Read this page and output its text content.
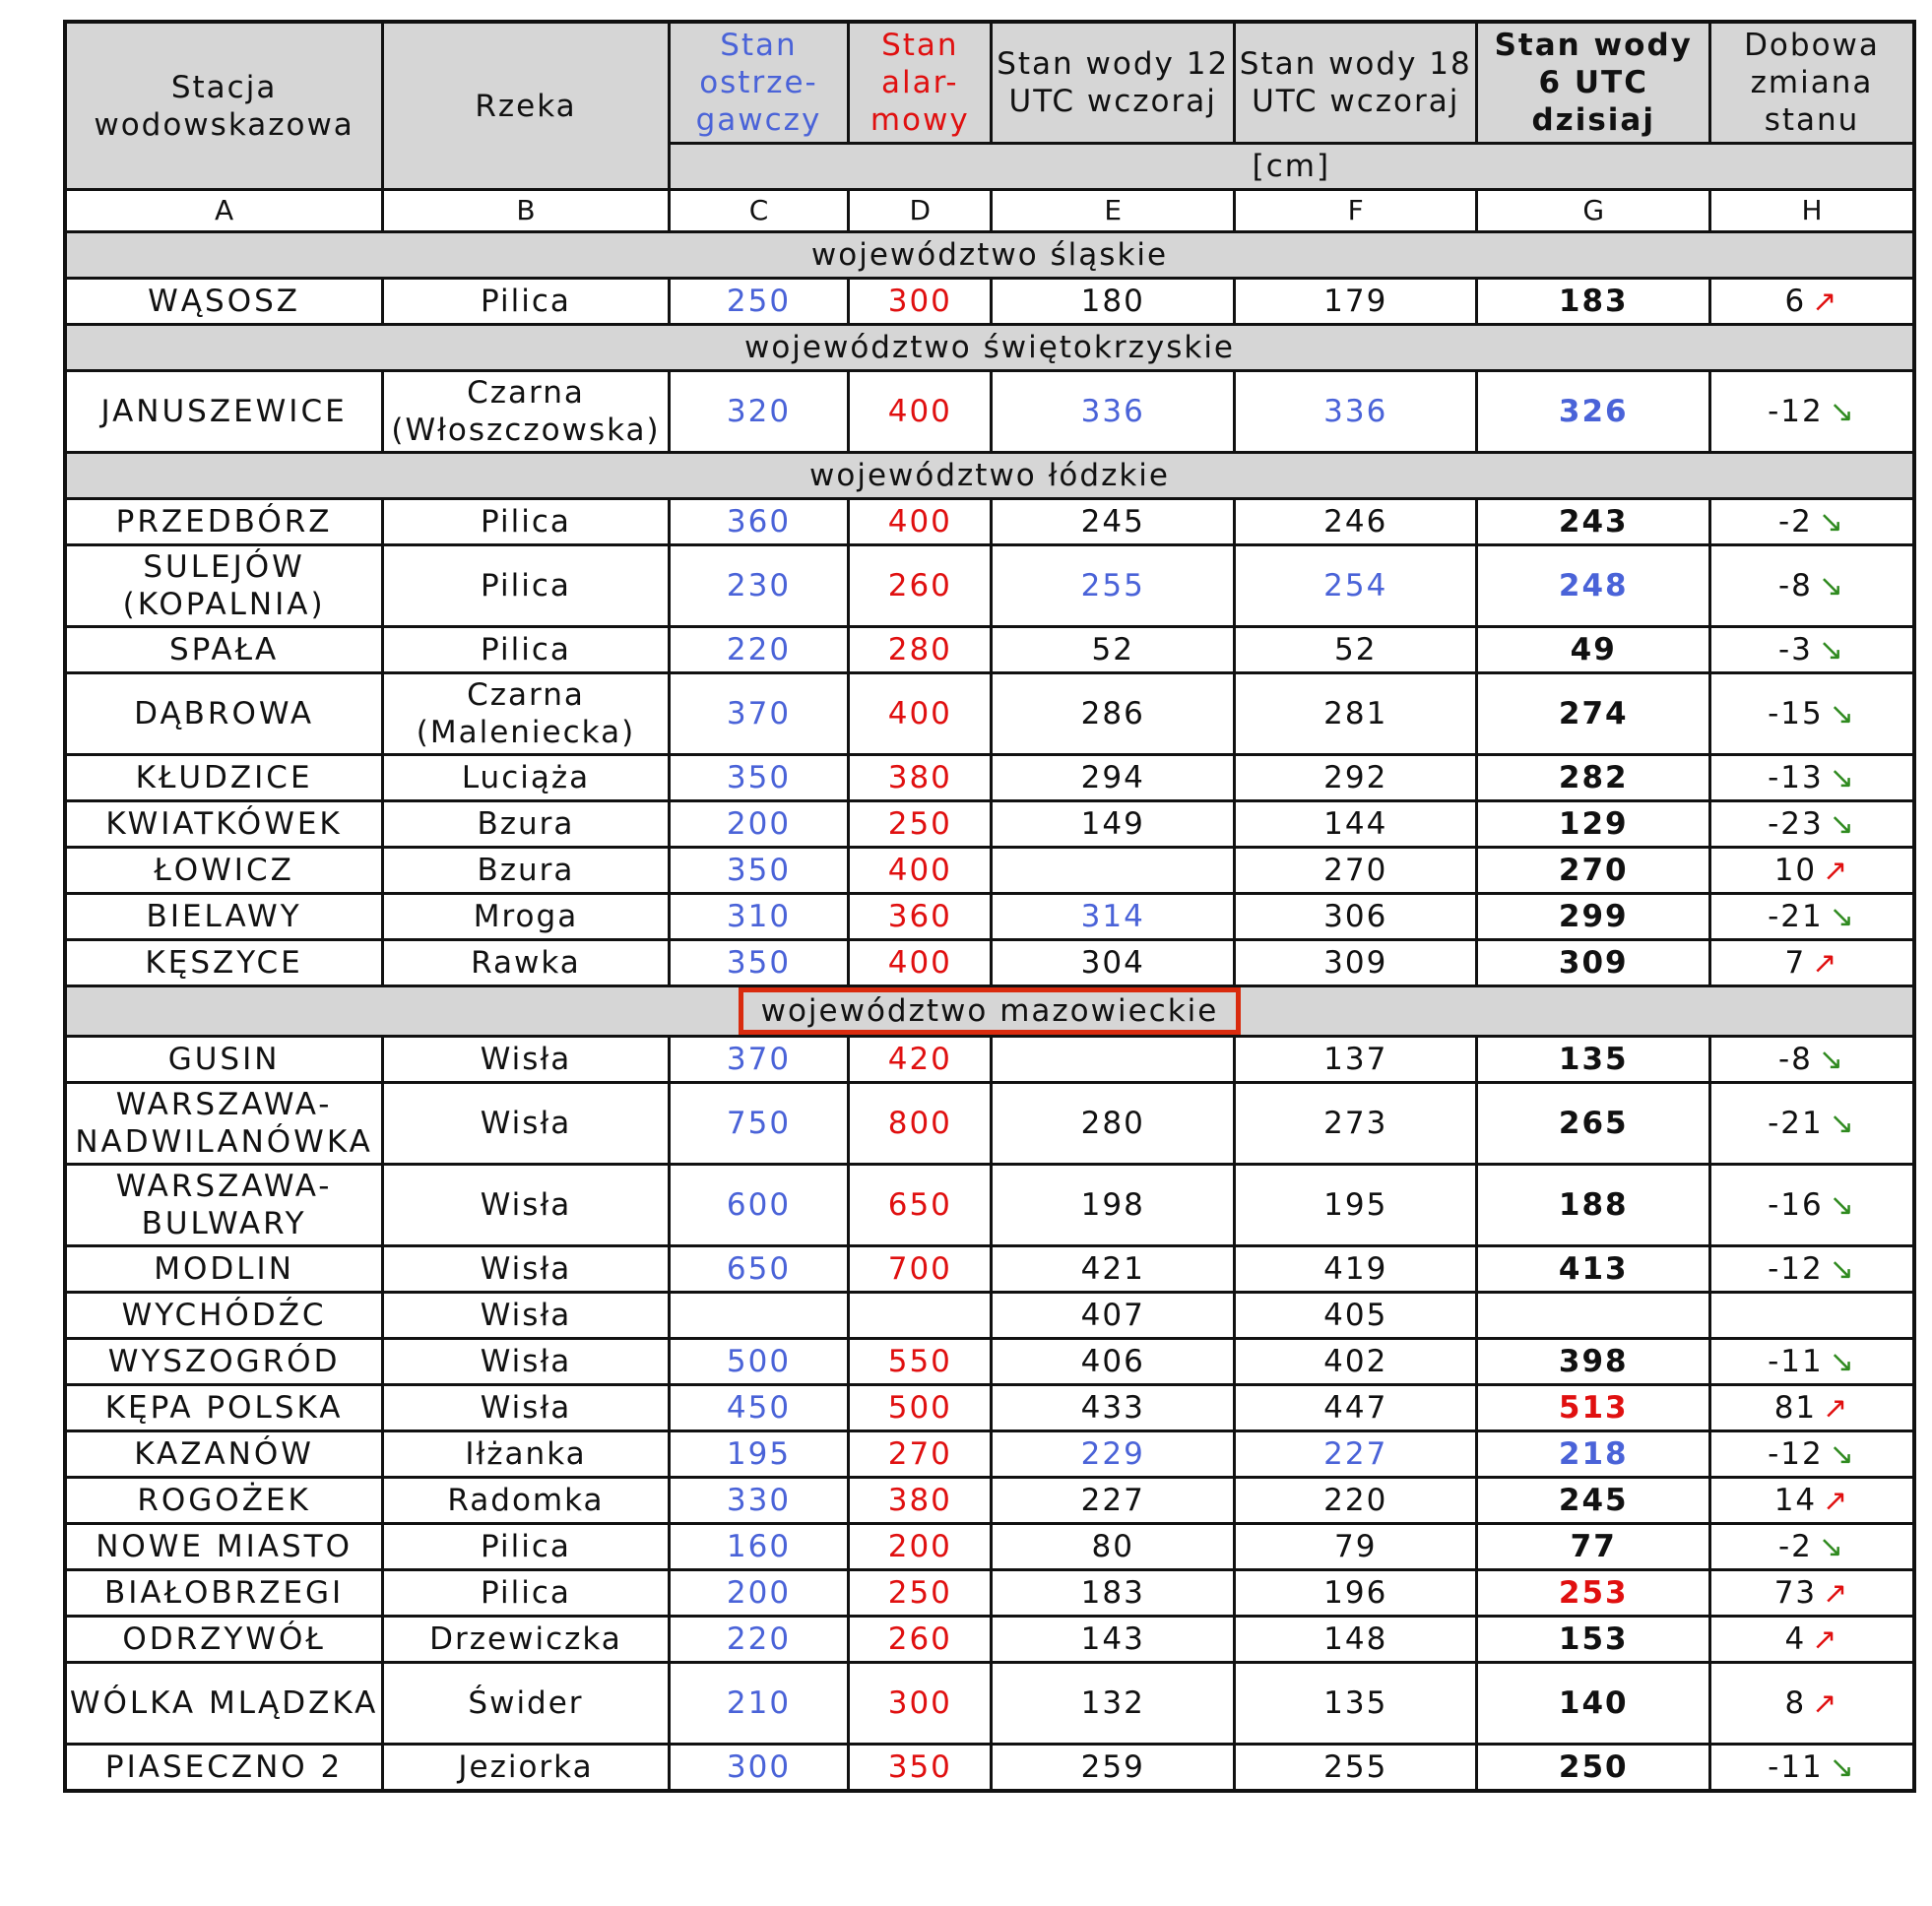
Stacja wodowskazowa	Rzeka	Stan ostrze- gawczy	Stan alar- mowy	Stan wody 12 UTC wczoraj	Stan wody 18 UTC wczoraj	Stan wody 6 UTC dzisiaj	Dobowa zmiana stanu
		[cm]					
A	B	C	D	E	F	G	H
województwo śląskie							
WĄSOSZ	Pilica	250	300	180	179	183	6 ↗
województwo świętokrzyskie							
JANUSZEWICE	Czarna (Włoszczowska)	320	400	336	336	326	-12 ↘
województwo łódzkie							
PRZEDBÓRZ	Pilica	360	400	245	246	243	-2 ↘
SULEJÓW (KOPALNIA)	Pilica	230	260	255	254	248	-8 ↘
SPAŁA	Pilica	220	280	52	52	49	-3 ↘
DĄBROWA	Czarna (Maleniecka)	370	400	286	281	274	-15 ↘
KŁUDZICE	Luciąża	350	380	294	292	282	-13 ↘
KWIATKÓWEK	Bzura	200	250	149	144	129	-23 ↘
ŁOWICZ	Bzura	350	400		270	270	10 ↗
BIELAWY	Mroga	310	360	314	306	299	-21 ↘
KĘSZYCE	Rawka	350	400	304	309	309	7 ↗
województwo mazowieckie							
GUSIN	Wisła	370	420		137	135	-8 ↘
WARSZAWA-NADWILANÓWKA	Wisła	750	800	280	273	265	-21 ↘
WARSZAWA-BULWARY	Wisła	600	650	198	195	188	-16 ↘
MODLIN	Wisła	650	700	421	419	413	-12 ↘
WYCHÓDŹC	Wisła			407	405		
WYSZOGRÓD	Wisła	500	550	406	402	398	-11 ↘
KĘPA POLSKA	Wisła	450	500	433	447	513	81 ↗
KAZANÓW	Iłżanka	195	270	229	227	218	-12 ↘
ROGOŻEK	Radomka	330	380	227	220	245	14 ↗
NOWE MIASTO	Pilica	160	200	80	79	77	-2 ↘
BIAŁOBRZEGI	Pilica	200	250	183	196	253	73 ↗
ODRZYWÓŁ	Drzewiczka	220	260	143	148	153	4 ↗
WÓLKA MLĄDZKA	Świder	210	300	132	135	140	8 ↗
PIASECZNO 2	Jeziorka	300	350	259	255	250	-11 ↘
